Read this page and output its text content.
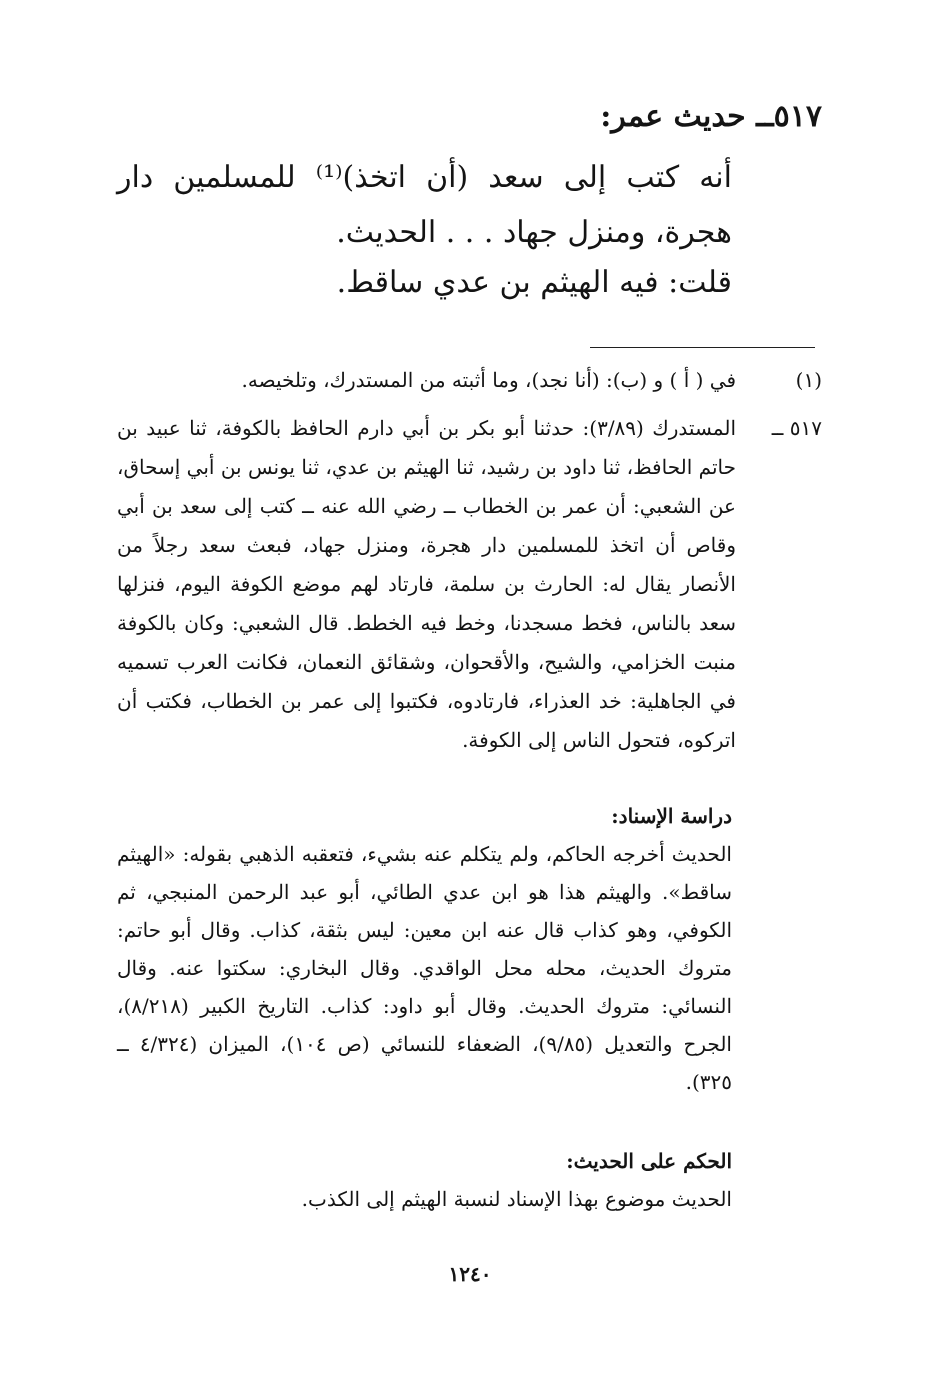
٥١٧ــ حديث عمر:
أنه كتب إلى سعد (أن اتخذ)⁽¹⁾ للمسلمين دار هجرة، ومنزل جهاد . . . الحديث.
قلت: فيه الهيثم بن عدي ساقط.
(١)
في ( أ ) و (ب): (أنا نجد)، وما أثبته من المستدرك، وتلخيصه.
٥١٧ ــ
المستدرك (٣/٨٩): حدثنا أبو بكر بن أبي دارم الحافظ بالكوفة، ثنا عبيد بن حاتم الحافظ، ثنا داود بن رشيد، ثنا الهيثم بن عدي، ثنا يونس بن أبي إسحاق، عن الشعبي: أن عمر بن الخطاب ــ رضي الله عنه ــ كتب إلى سعد بن أبي وقاص أن اتخذ للمسلمين دار هجرة، ومنزل جهاد، فبعث سعد رجلاً من الأنصار يقال له: الحارث بن سلمة، فارتاد لهم موضع الكوفة اليوم، فنزلها سعد بالناس، فخط مسجدنا، وخط فيه الخطط. قال الشعبي: وكان بالكوفة منبت الخزامي، والشيح، والأقحوان، وشقائق النعمان، فكانت العرب تسميه في الجاهلية: خد العذراء، فارتادوه، فكتبوا إلى عمر بن الخطاب، فكتب أن اتركوه، فتحول الناس إلى الكوفة.
دراسة الإسناد:
الحديث أخرجه الحاكم، ولم يتكلم عنه بشيء، فتعقبه الذهبي بقوله: «الهيثم ساقط». والهيثم هذا هو ابن عدي الطائي، أبو عبد الرحمن المنبجي، ثم الكوفي، وهو كذاب قال عنه ابن معين: ليس بثقة، كذاب. وقال أبو حاتم: متروك الحديث، محله محل الواقدي. وقال البخاري: سكتوا عنه. وقال النسائي: متروك الحديث. وقال أبو داود: كذاب. التاريخ الكبير (٨/٢١٨)، الجرح والتعديل (٩/٨٥)، الضعفاء للنسائي (ص ١٠٤)، الميزان (٤/٣٢٤ ــ ٣٢٥).
الحكم على الحديث:
الحديث موضوع بهذا الإسناد لنسبة الهيثم إلى الكذب.
١٢٤٠
